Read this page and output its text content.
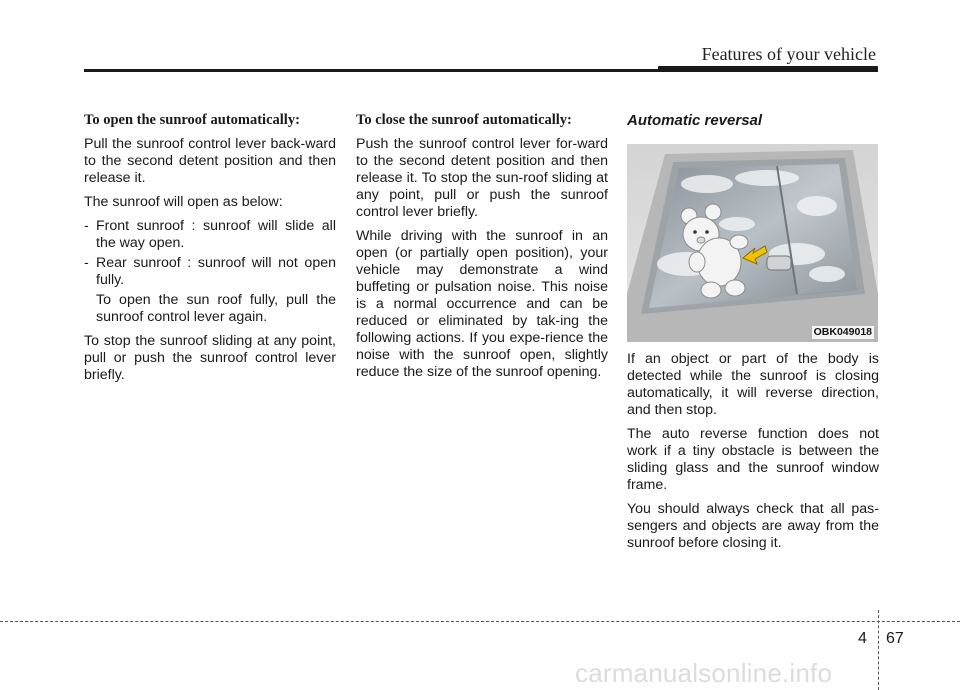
Features of your vehicle

To open the sunroof automatically:

Pull the sunroof control lever back-ward to the second detent position and then release it.

The sunroof will open as below:

- Front sunroof : sunroof will slide all the way open.
- Rear sunroof : sunroof will not open fully.

To open the sun roof fully, pull the sunroof control lever again.

To stop the sunroof sliding at any point, pull or push the sunroof control lever briefly.

To close the sunroof automatically:

Push the sunroof control lever for-ward to the second detent position and then release it. To stop the sun-roof sliding at any point, pull or push the sunroof control lever briefly.

While driving with the sunroof in an open (or partially open position), your vehicle may demonstrate a wind buffeting or pulsation noise. This noise is a normal occurrence and can be reduced or eliminated by tak-ing the following actions. If you expe-rience the noise with the sunroof open, slightly reduce the size of the sunroof opening.

Automatic reversal

OBK049018

If an object or part of the body is detected while the sunroof is closing automatically, it will reverse direction, and then stop.

The auto reverse function does not work if a tiny obstacle is between the sliding glass and the sunroof window frame.

You should always check that all pas-sengers and objects are away from the sunroof before closing it.

4 67
carmanualsonline.info
